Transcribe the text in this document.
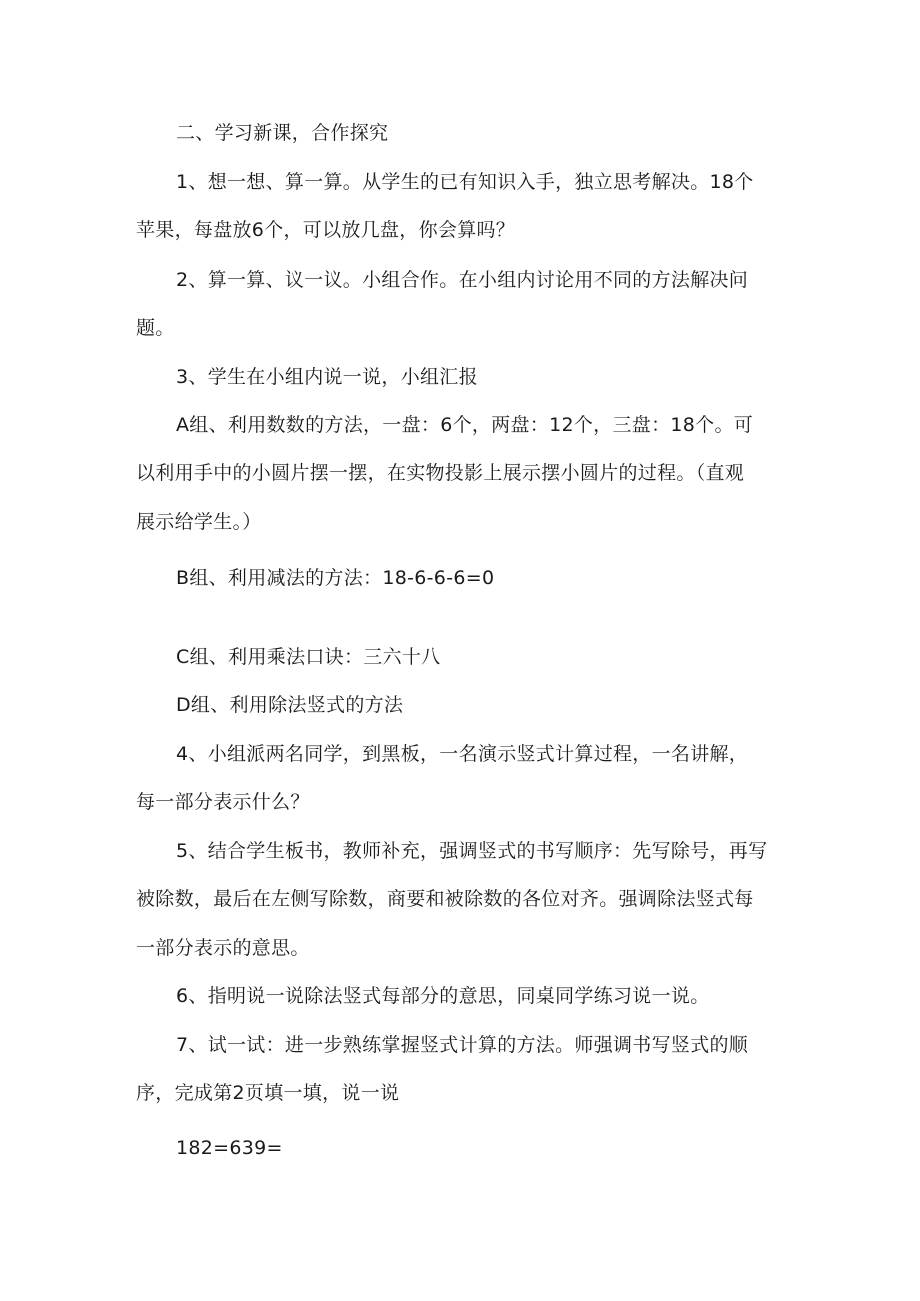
二、学习新课，合作探究
1、想一想、算一算。从学生的已有知识入手，独立思考解决。18个
苹果，每盘放6个，可以放几盘，你会算吗？
2、算一算、议一议。小组合作。在小组内讨论用不同的方法解决问
题。
3、学生在小组内说一说，小组汇报
A组、利用数数的方法，一盘：6个，两盘：12个，三盘：18个。可
以利用手中的小圆片摆一摆，在实物投影上展示摆小圆片的过程。（直观
展示给学生。）
B组、利用减法的方法：18-6-6-6=0
C组、利用乘法口诀：三六十八
D组、利用除法竖式的方法
4、小组派两名同学，到黑板，一名演示竖式计算过程，一名讲解，
每一部分表示什么？
5、结合学生板书，教师补充，强调竖式的书写顺序：先写除号，再写
被除数，最后在左侧写除数，商要和被除数的各位对齐。强调除法竖式每
一部分表示的意思。
6、指明说一说除法竖式每部分的意思，同桌同学练习说一说。
7、试一试：进一步熟练掌握竖式计算的方法。师强调书写竖式的顺
序，完成第2页填一填，说一说
182=639=
